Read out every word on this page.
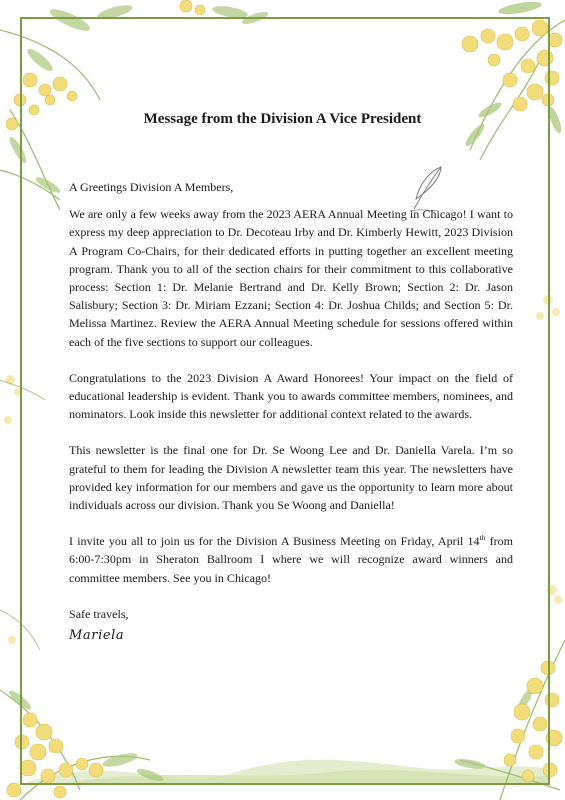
Message from the Division A Vice President

A Greetings Division A Members,

We are only a few weeks away from the 2023 AERA Annual Meeting in Chicago! I want to express my deep appreciation to Dr. Decoteau Irby and Dr. Kimberly Hewitt, 2023 Division A Program Co-Chairs, for their dedicated efforts in putting together an excellent meeting program. Thank you to all of the section chairs for their commitment to this collaborative process: Section 1: Dr. Melanie Bertrand and Dr. Kelly Brown; Section 2: Dr. Jason Salisbury; Section 3: Dr. Miriam Ezzani; Section 4: Dr. Joshua Childs; and Section 5: Dr. Melissa Martinez. Review the AERA Annual Meeting schedule for sessions offered within each of the five sections to support our colleagues.

Congratulations to the 2023 Division A Award Honorees! Your impact on the field of educational leadership is evident. Thank you to awards committee members, nominees, and nominators. Look inside this newsletter for additional context related to the awards.

This newsletter is the final one for Dr. Se Woong Lee and Dr. Daniella Varela. I’m so grateful to them for leading the Division A newsletter team this year. The newsletters have provided key information for our members and gave us the opportunity to learn more about individuals across our division. Thank you Se Woong and Daniella!

I invite you all to join us for the Division A Business Meeting on Friday, April 14th from 6:00-7:30pm in Sheraton Ballroom I where we will recognize award winners and committee members. See you in Chicago!

Safe travels,

Mariela
